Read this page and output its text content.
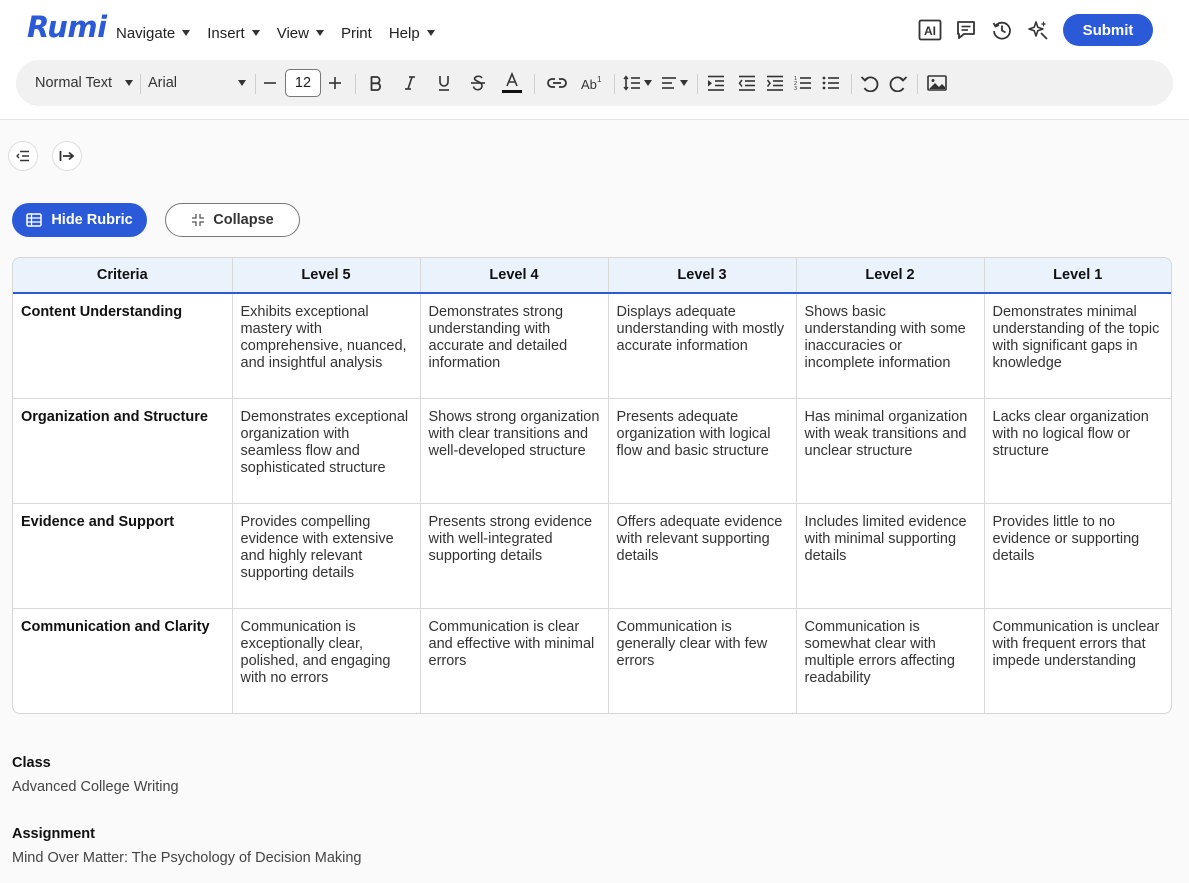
Rumi Navigate Insert View Print Help	AI	Submit
Normal Text Arial	12	Ab 1	1
2
3
Hide Rubric	Collapse
Criteria	Level 5	Level 4	Level 3	Level 2	Level 1
Content Understanding	Exhibits exceptional mastery with comprehensive, nuanced, and insightful analysis	Demonstrates strong understanding with accurate and detailed information	Displays adequate understanding with mostly accurate information	Shows basic understanding with some inaccuracies or incomplete information	Demonstrates minimal understanding of the topic with significant gaps in knowledge
Organization and Structure	Demonstrates exceptional organization with seamless flow and sophisticated structure	Shows strong organization with clear transitions and well-developed structure	Presents adequate organization with logical flow and basic structure	Has minimal organization with weak transitions and unclear structure	Lacks clear organization with no logical flow or structure
Evidence and Support	Provides compelling evidence with extensive and highly relevant supporting details	Presents strong evidence with well-integrated supporting details	Offers adequate evidence with relevant supporting details	Includes limited evidence with minimal supporting details	Provides little to no evidence or supporting details
Communication and Clarity	Communication is exceptionally clear, polished, and engaging with no errors	Communication is clear and effective with minimal errors	Communication is generally clear with few errors	Communication is somewhat clear with multiple errors affecting readability	Communication is unclear with frequent errors that impede understanding
Class
Advanced College Writing
Assignment
Mind Over Matter: The Psychology of Decision Making
